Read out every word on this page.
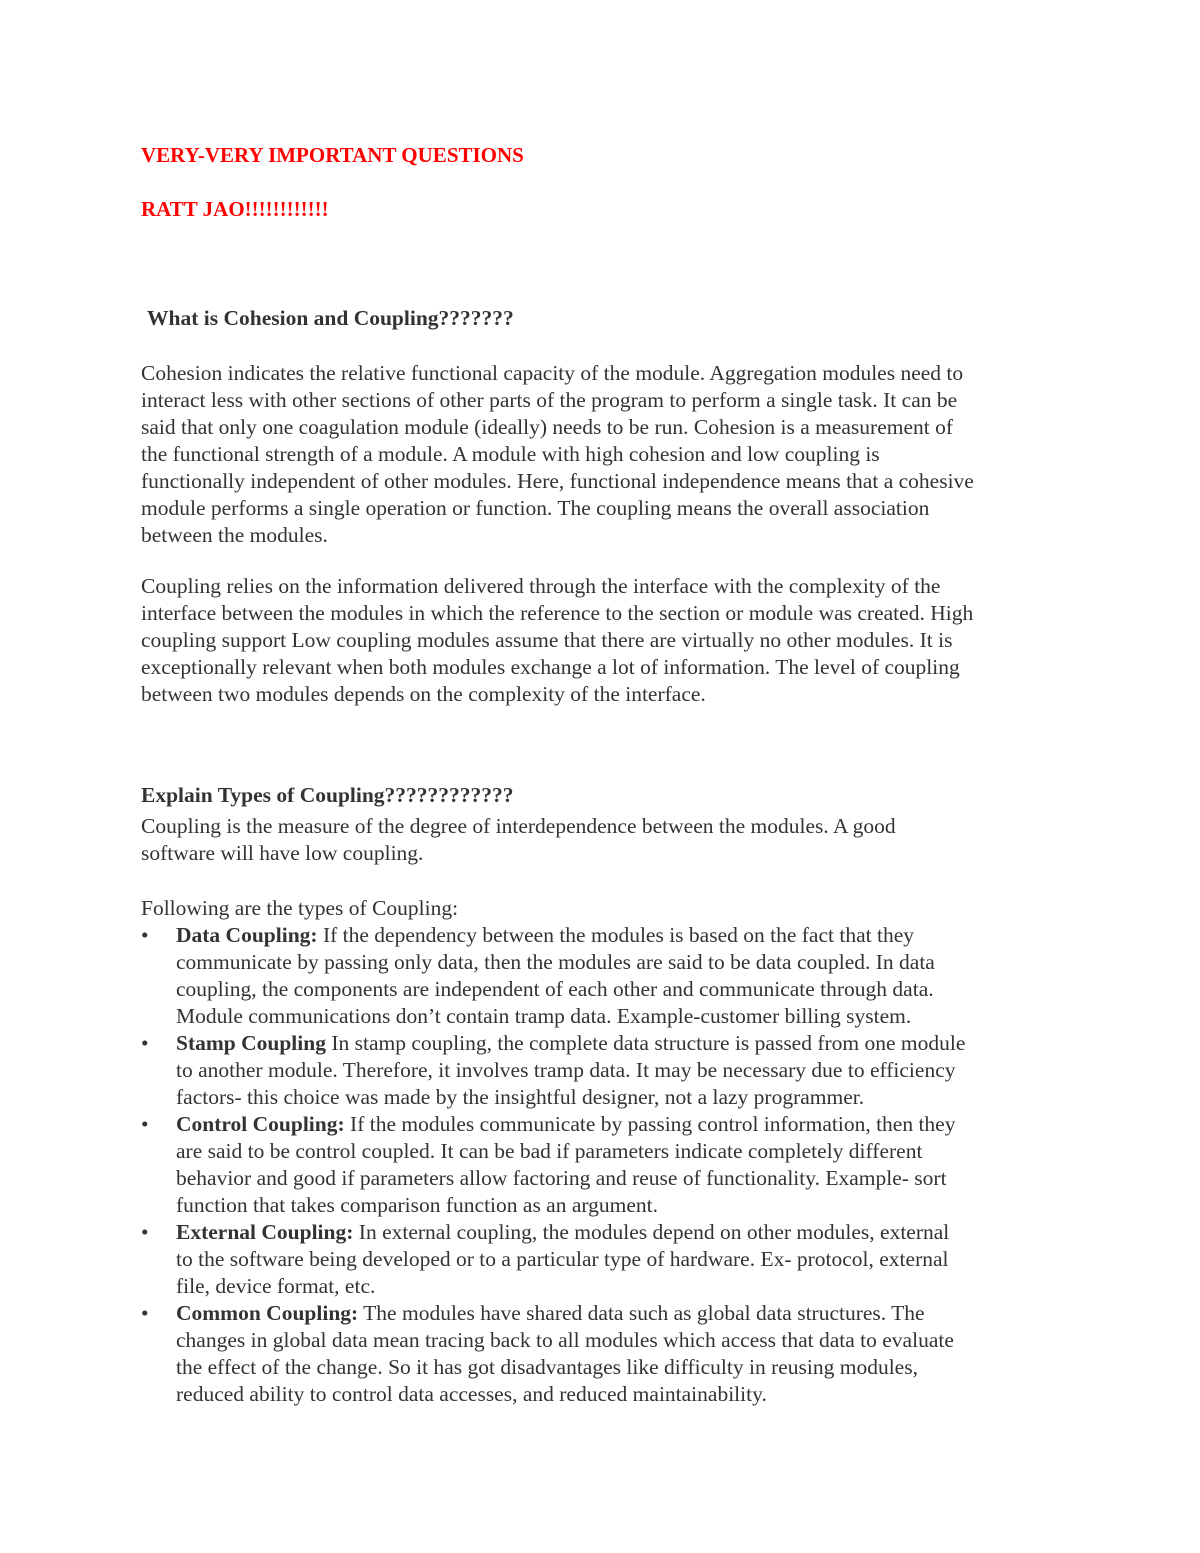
VERY-VERY IMPORTANT QUESTIONS
RATT JAO!!!!!!!!!!!!
What is Cohesion and Coupling???????
Cohesion indicates the relative functional capacity of the module. Aggregation modules need to
interact less with other sections of other parts of the program to perform a single task. It can be
said that only one coagulation module (ideally) needs to be run. Cohesion is a measurement of
the functional strength of a module. A module with high cohesion and low coupling is
functionally independent of other modules. Here, functional independence means that a cohesive
module performs a single operation or function. The coupling means the overall association
between the modules.
Coupling relies on the information delivered through the interface with the complexity of the
interface between the modules in which the reference to the section or module was created. High
coupling support Low coupling modules assume that there are virtually no other modules. It is
exceptionally relevant when both modules exchange a lot of information. The level of coupling
between two modules depends on the complexity of the interface.
Explain Types of Coupling????????????
Coupling is the measure of the degree of interdependence between the modules. A good
software will have low coupling.
Following are the types of Coupling:
• Data Coupling: If the dependency between the modules is based on the fact that they
communicate by passing only data, then the modules are said to be data coupled. In data
coupling, the components are independent of each other and communicate through data.
Module communications don’t contain tramp data. Example-customer billing system.
• Stamp Coupling In stamp coupling, the complete data structure is passed from one module
to another module. Therefore, it involves tramp data. It may be necessary due to efficiency
factors- this choice was made by the insightful designer, not a lazy programmer.
• Control Coupling: If the modules communicate by passing control information, then they
are said to be control coupled. It can be bad if parameters indicate completely different
behavior and good if parameters allow factoring and reuse of functionality. Example- sort
function that takes comparison function as an argument.
• External Coupling: In external coupling, the modules depend on other modules, external
to the software being developed or to a particular type of hardware. Ex- protocol, external
file, device format, etc.
• Common Coupling: The modules have shared data such as global data structures. The
changes in global data mean tracing back to all modules which access that data to evaluate
the effect of the change. So it has got disadvantages like difficulty in reusing modules,
reduced ability to control data accesses, and reduced maintainability.
